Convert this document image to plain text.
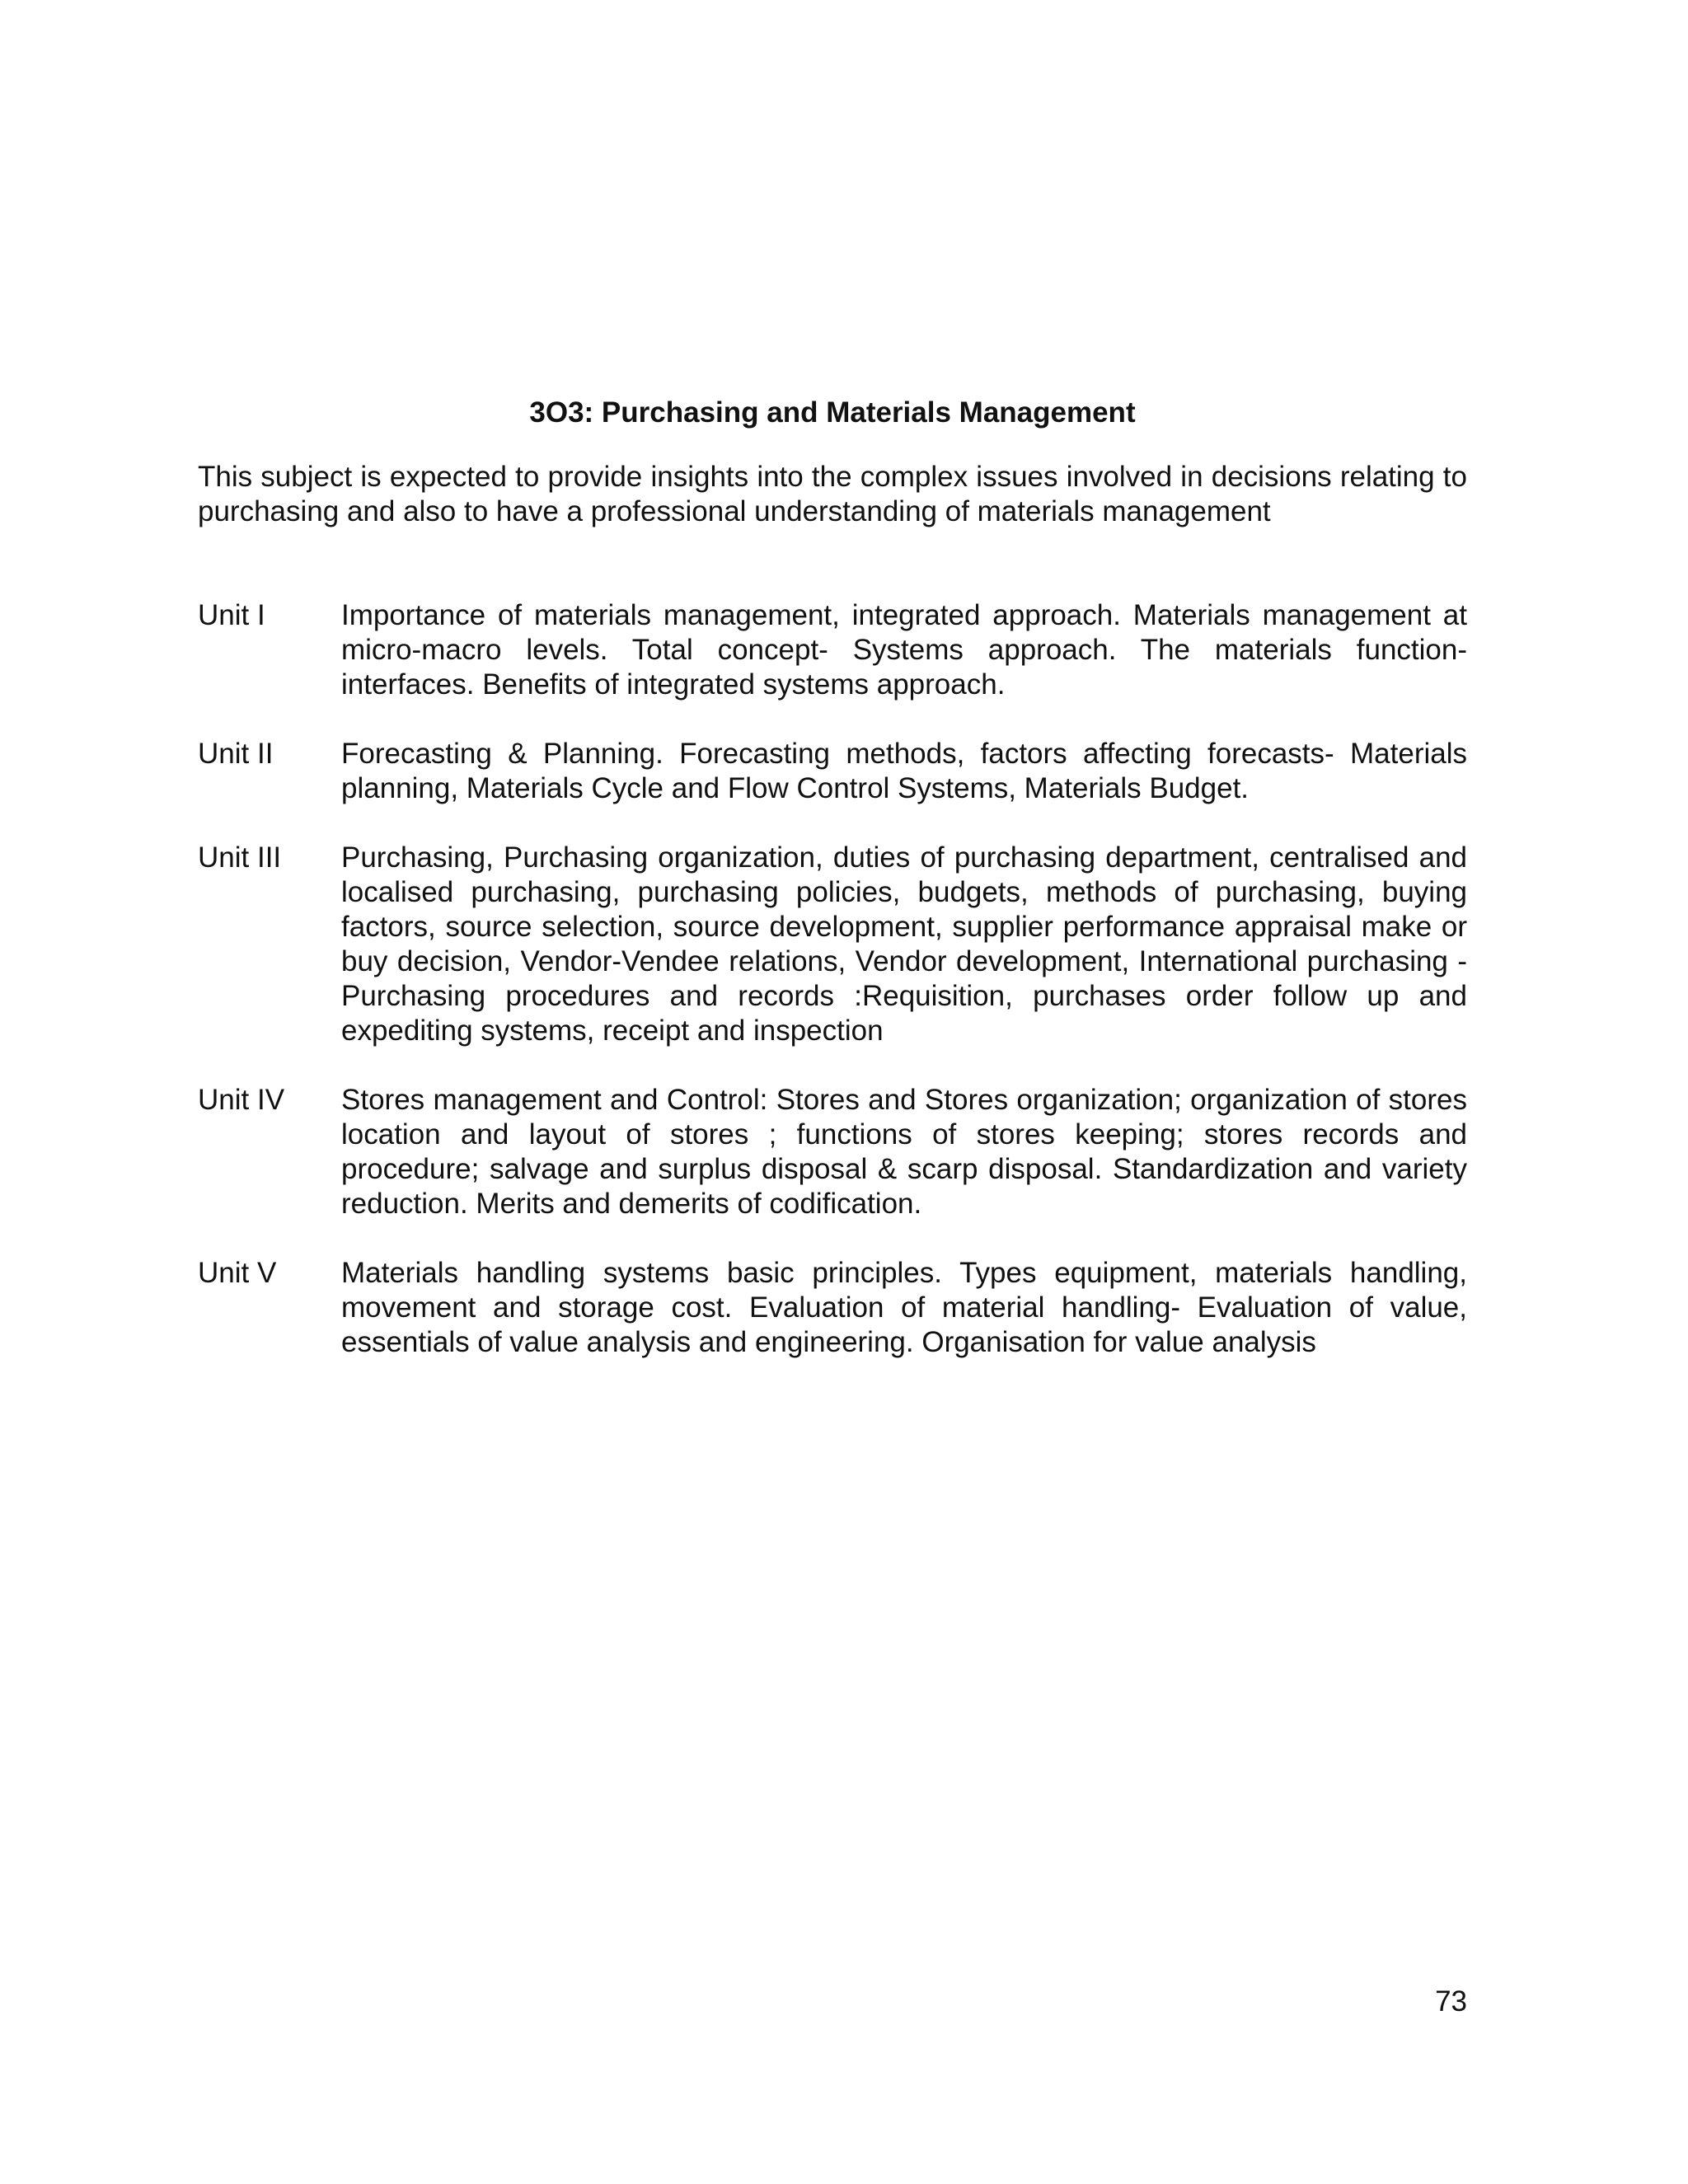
3O3: Purchasing and Materials Management
This subject is expected to provide insights into the complex issues involved in decisions relating to purchasing and also to have a professional understanding of materials management
Unit I	Importance of materials management, integrated approach. Materials management at micro-macro levels. Total concept- Systems approach. The materials function-interfaces. Benefits of integrated systems approach.
Unit II	Forecasting & Planning. Forecasting methods, factors affecting forecasts- Materials planning, Materials Cycle and Flow Control Systems, Materials Budget.
Unit III	Purchasing, Purchasing organization, duties of purchasing department, centralised and localised purchasing, purchasing policies, budgets, methods of purchasing, buying factors, source selection, source development, supplier performance appraisal make or buy decision, Vendor-Vendee relations, Vendor development, International purchasing -Purchasing procedures and records :Requisition, purchases order follow up and expediting systems, receipt and inspection
Unit IV	Stores management and Control: Stores and Stores organization; organization of stores location and layout of stores ; functions of stores keeping; stores records and procedure; salvage and surplus disposal & scarp disposal. Standardization and variety reduction. Merits and demerits of codification.
Unit V	Materials handling systems basic principles. Types equipment, materials handling, movement and storage cost. Evaluation of material handling- Evaluation of value, essentials of value analysis and engineering. Organisation for value analysis
73
